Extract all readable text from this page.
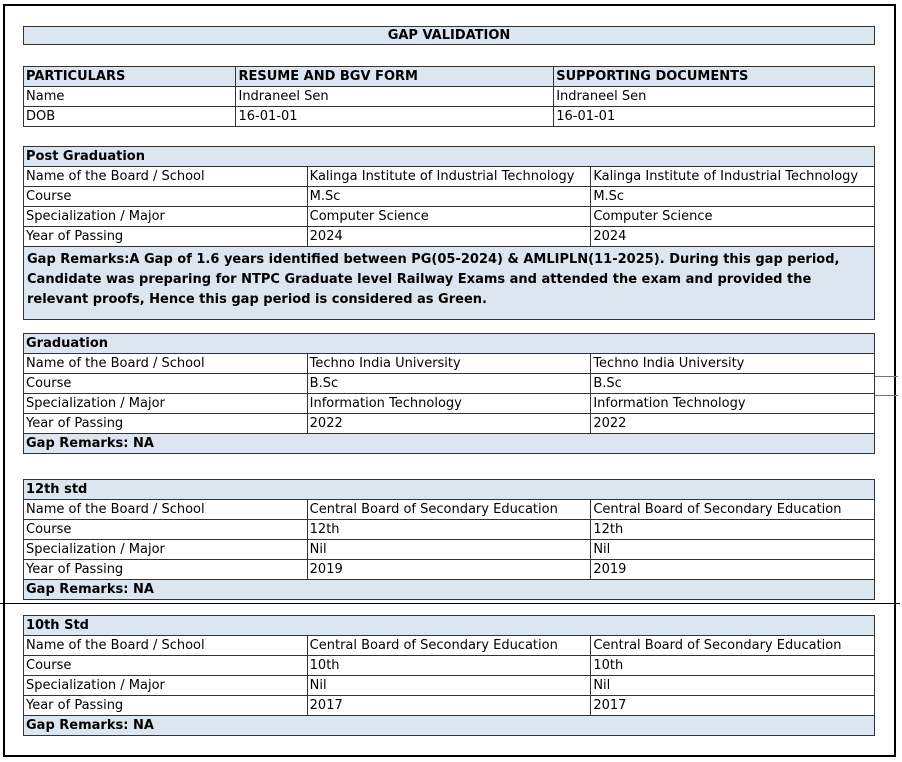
GAP VALIDATION
PARTICULARS	RESUME AND BGV FORM	SUPPORTING DOCUMENTS
Name	Indraneel Sen	Indraneel Sen
DOB	16-01-01	16-01-01
Post Graduation		
Name of the Board / School	Kalinga Institute of Industrial Technology	Kalinga Institute of Industrial Technology
Course	M.Sc	M.Sc
Specialization / Major	Computer Science	Computer Science
Year of Passing	2024	2024
Gap Remarks:A Gap of 1.6 years identified between PG(05-2024) & AMLIPLN(11-2025). During this gap period, Candidate was preparing for NTPC Graduate level Railway Exams and attended the exam and provided the relevant proofs, Hence this gap period is considered as Green.		
Graduation		
Name of the Board / School	Techno India University	Techno India University
Course	B.Sc	B.Sc
Specialization / Major	Information Technology	Information Technology
Year of Passing	2022	2022
Gap Remarks: NA		
12th std		
Name of the Board / School	Central Board of Secondary Education	Central Board of Secondary Education
Course	12th	12th
Specialization / Major	Nil	Nil
Year of Passing	2019	2019
Gap Remarks: NA		
10th Std		
Name of the Board / School	Central Board of Secondary Education	Central Board of Secondary Education
Course	10th	10th
Specialization / Major	Nil	Nil
Year of Passing	2017	2017
Gap Remarks: NA		
